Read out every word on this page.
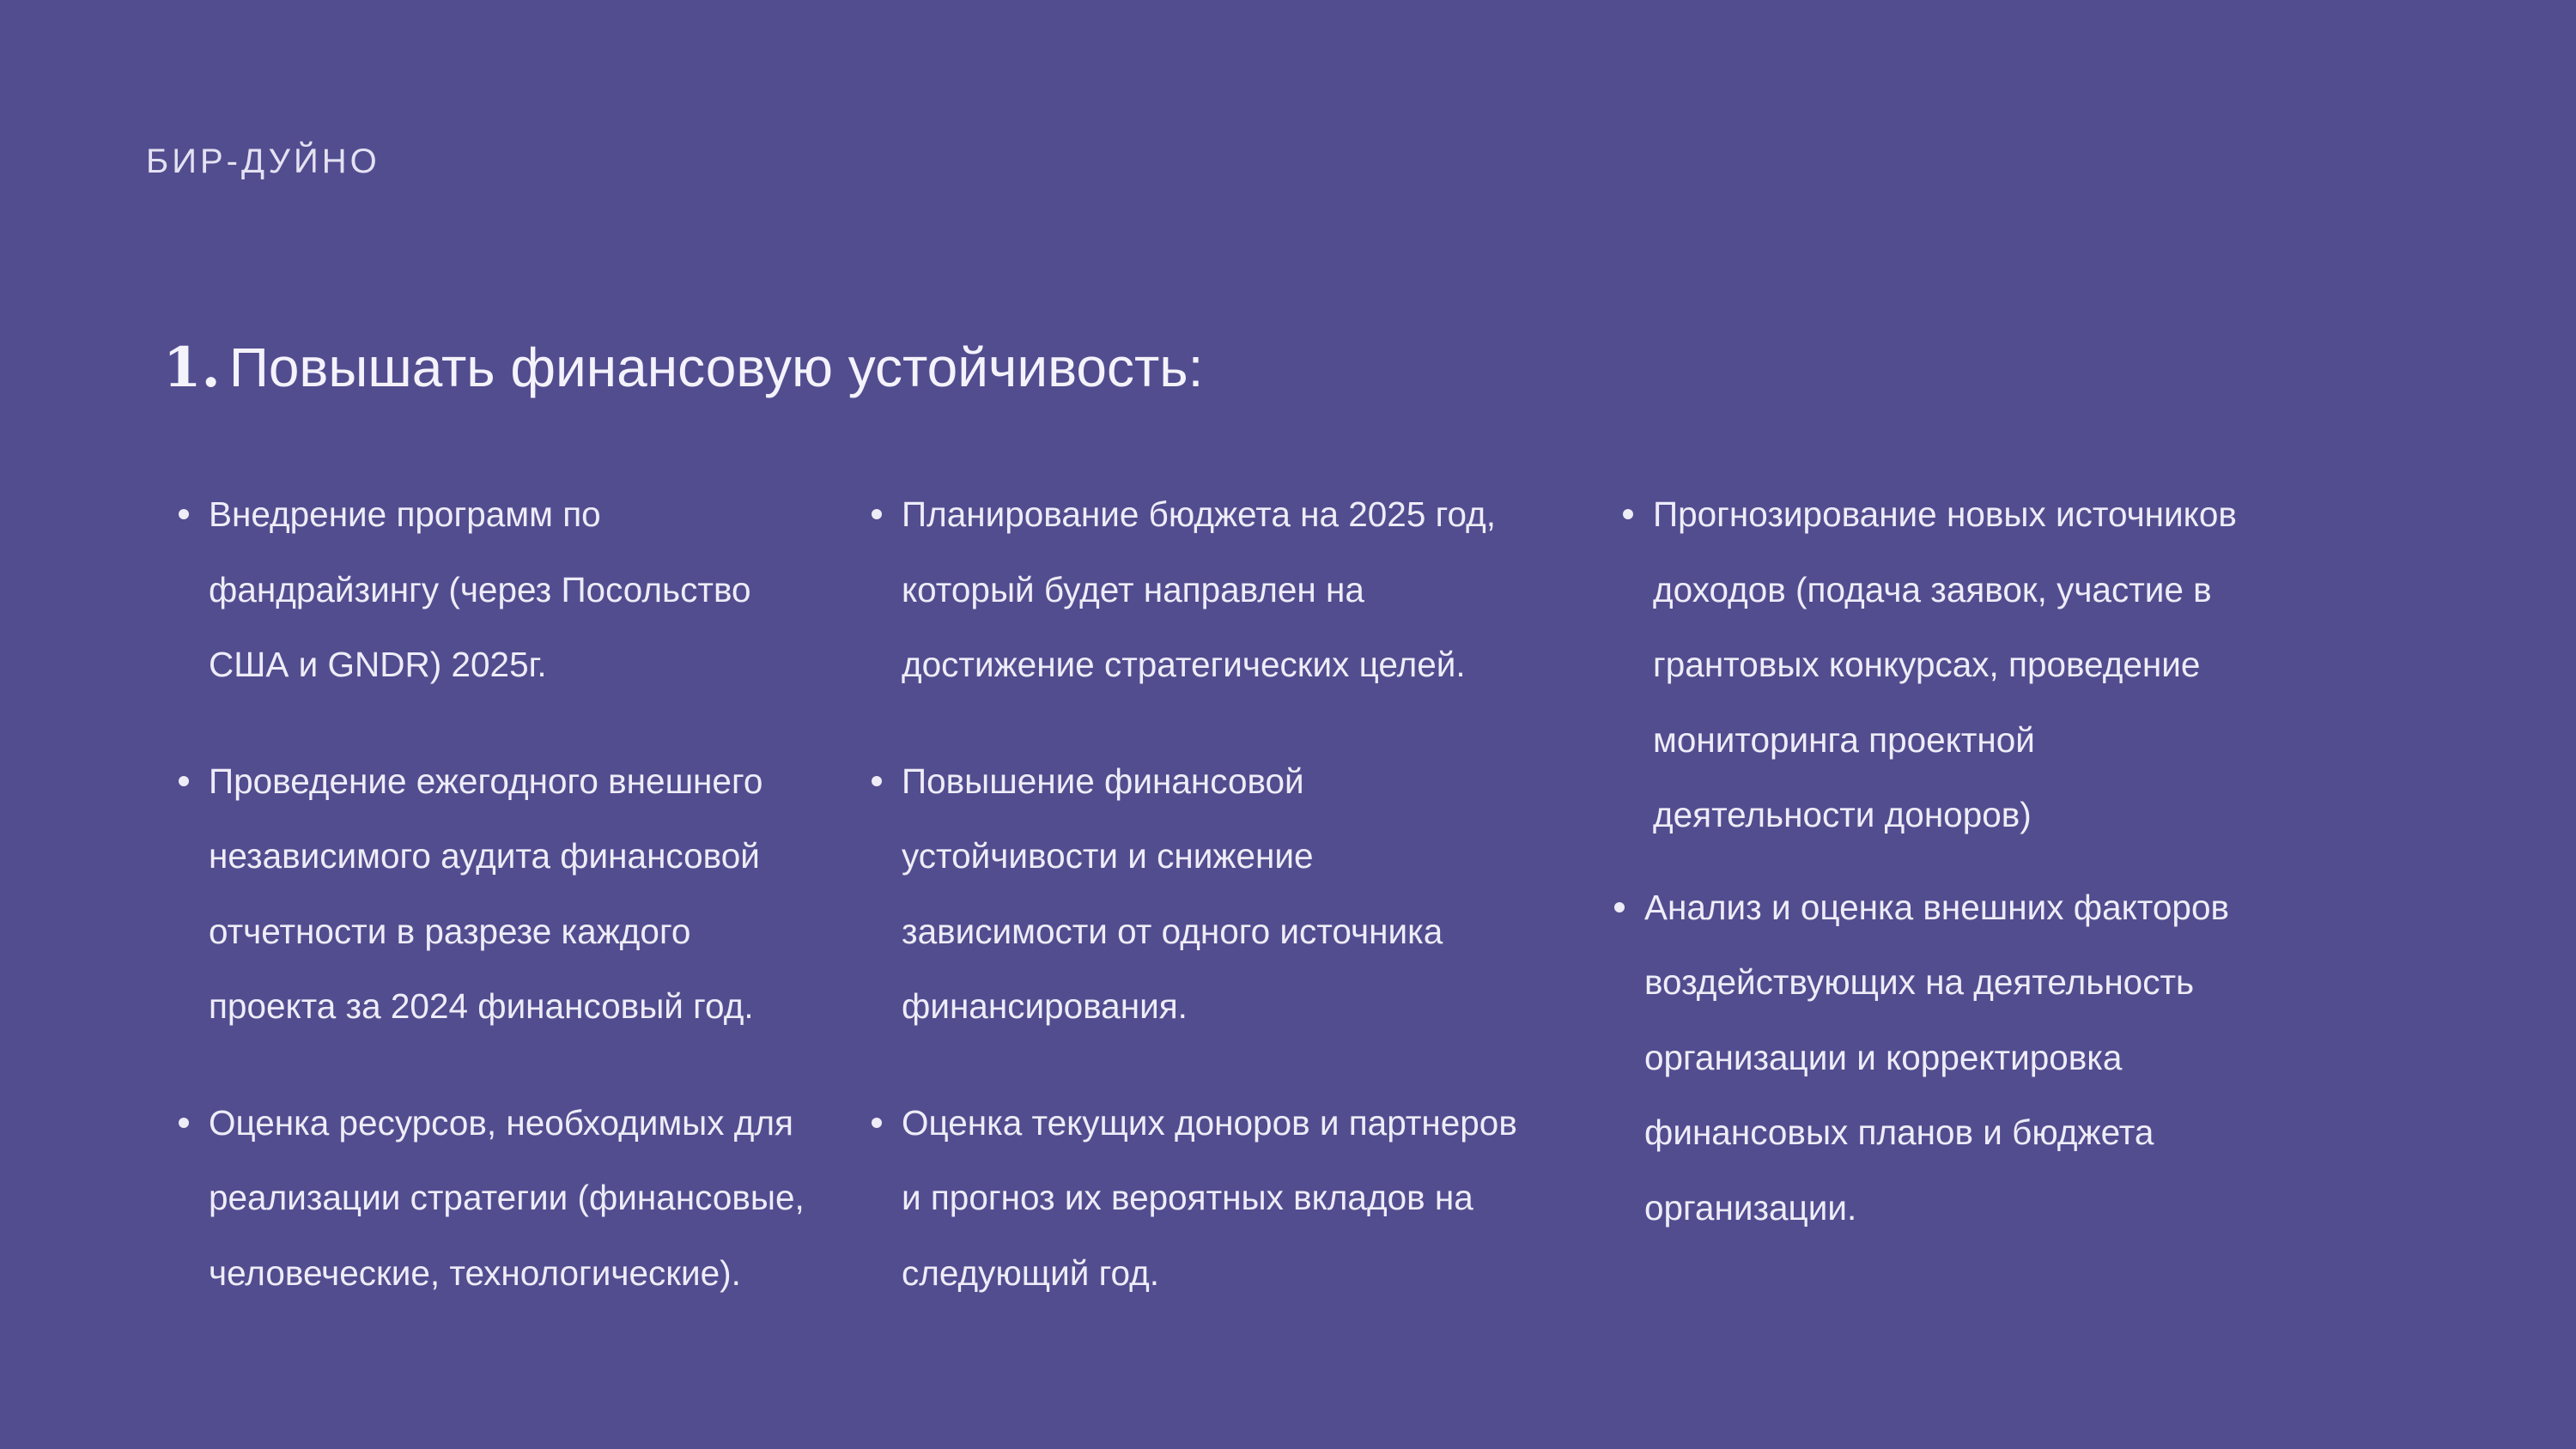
БИР-ДУЙНО
1. Повышать финансовую устойчивость:
Внедрение программ по
фандрайзингу (через Посольство
США и GNDR) 2025г.
Проведение ежегодного внешнего
независимого аудита финансовой
отчетности в разрезе каждого
проекта за 2024 финансовый год.
Оценка ресурсов, необходимых для
реализации стратегии (финансовые,
человеческие, технологические).
Планирование бюджета на 2025 год,
который будет направлен на
достижение стратегических целей.
Повышение финансовой
устойчивости и снижение
зависимости от одного источника
финансирования.
Оценка текущих доноров и партнеров
и прогноз их вероятных вкладов на
следующий год.
Прогнозирование новых источников
доходов (подача заявок, участие в
грантовых конкурсах, проведение
мониторинга проектной
деятельности доноров)
Анализ и оценка внешних факторов
воздействующих на деятельность
организации и корректировка
финансовых планов и бюджета
организации.
